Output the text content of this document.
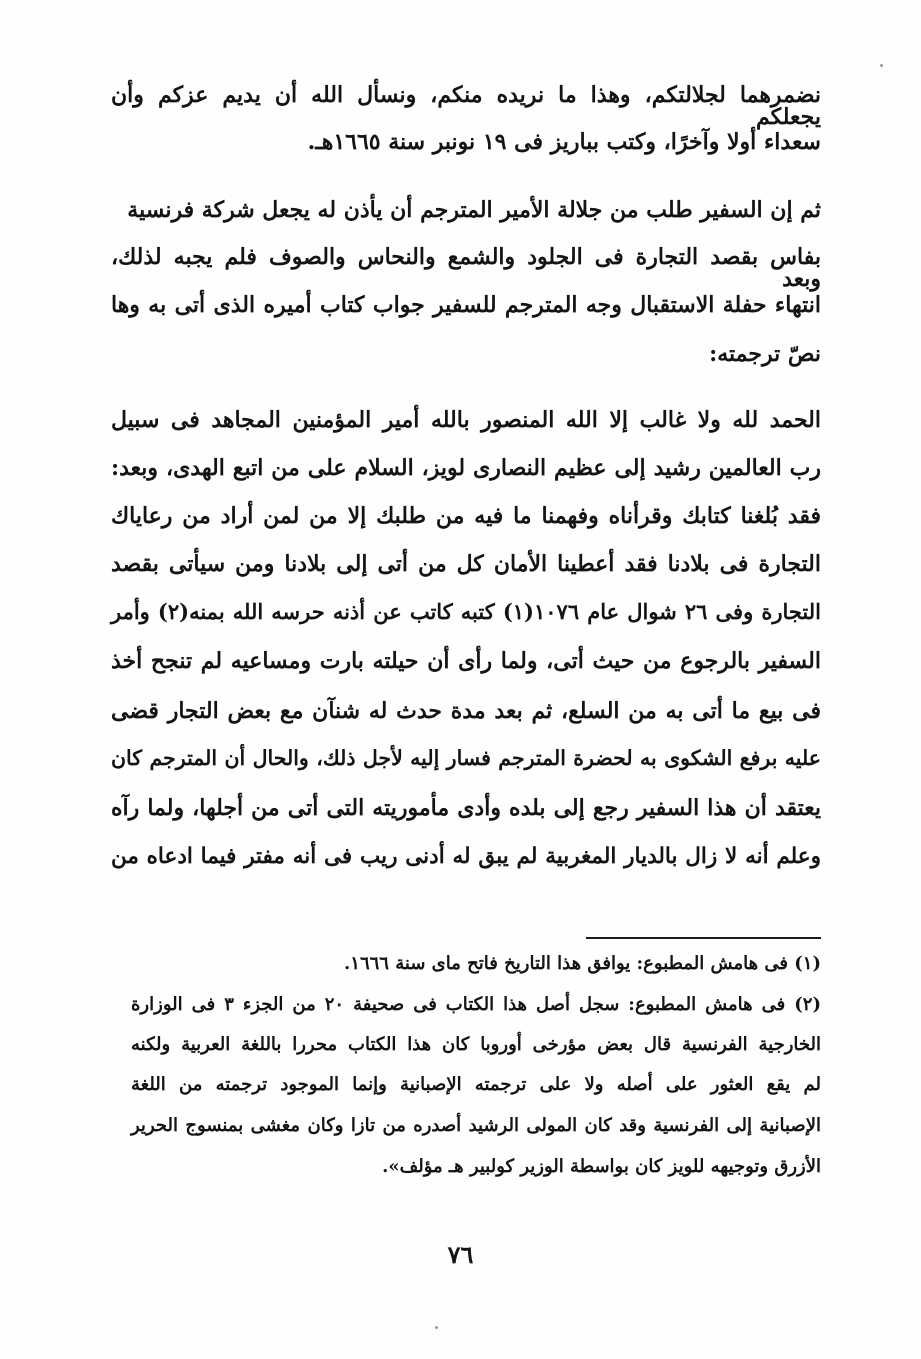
نضمرهما لجلالتكم، وهذا ما نريده منكم، ونسأل الله أن يديم عزكم وأن يجعلكم
سعداء أولا وآخرًا، وكتب بباريز فى ١٩ نونبر سنة ١٦٦٥هـ.
ثم إن السفير طلب من جلالة الأمير المترجم أن يأذن له يجعل شركة فرنسية
بفاس بقصد التجارة فى الجلود والشمع والنحاس والصوف فلم يجبه لذلك، وبعد
انتهاء حفلة الاستقبال وجه المترجم للسفير جواب كتاب أميره الذى أتى به وها
نصّ ترجمته:
الحمد لله ولا غالب إلا الله المنصور بالله أمير المؤمنين المجاهد فى سبيل
رب العالمين رشيد إلى عظيم النصارى لويز، السلام على من اتبع الهدى، وبعد:
فقد بُلغنا كتابك وقرأناه وفهمنا ما فيه من طلبك إلا من لمن أراد من رعاياك
التجارة فى بلادنا فقد أعطينا الأمان كل من أتى إلى بلادنا ومن سيأتى بقصد
التجارة وفى ٢٦ شوال عام ١٠٧٦(١) كتبه كاتب عن أذنه حرسه الله بمنه(٢) وأمر
السفير بالرجوع من حيث أتى، ولما رأى أن حيلته بارت ومساعيه لم تنجح أخذ
فى بيع ما أتى به من السلع، ثم بعد مدة حدث له شنآن مع بعض التجار قضى
عليه برفع الشكوى به لحضرة المترجم فسار إليه لأجل ذلك، والحال أن المترجم كان
يعتقد أن هذا السفير رجع إلى بلده وأدى مأموريته التى أتى من أجلها، ولما رآه
وعلم أنه لا زال بالديار المغربية لم يبق له أدنى ريب فى أنه مفتر فيما ادعاه من
(١) فى هامش المطبوع: يوافق هذا التاريخ فاتح ماى سنة ١٦٦٦.
(٢) فى هامش المطبوع: سجل أصل هذا الكتاب فى صحيفة ٢٠ من الجزء ٣ فى الوزارة
الخارجية الفرنسية قال بعض مؤرخى أوروبا كان هذا الكتاب محررا باللغة العربية ولكنه
لم يقع العثور على أصله ولا على ترجمته الإصبانية وإنما الموجود ترجمته من اللغة
الإصبانية إلى الفرنسية وقد كان المولى الرشيد أصدره من تازا وكان مغشى بمنسوج الحرير
الأزرق وتوجيهه للويز كان بواسطة الوزير كولبير هـ مؤلف».
٧٦
